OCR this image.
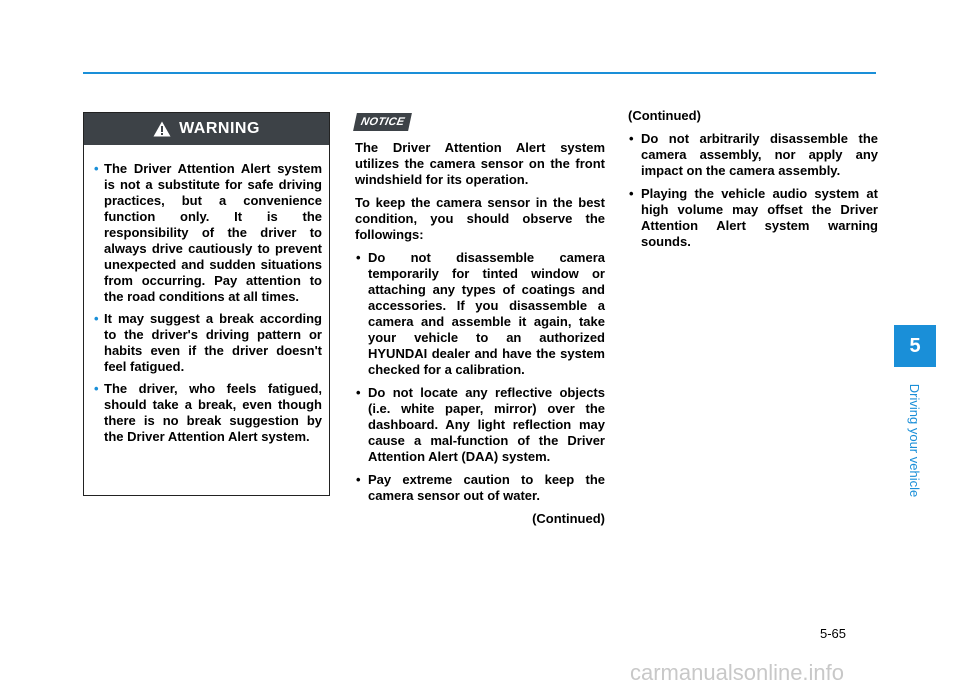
WARNING
• The Driver Attention Alert system is not a substitute for safe driving practices, but a convenience function only. It is the responsibility of the driver to always drive cautiously to prevent unexpected and sudden situations from occurring. Pay attention to the road conditions at all times.
• It may suggest a break according to the driver's driving pattern or habits even if the driver doesn't feel fatigued.
• The driver, who feels fatigued, should take a break, even though there is no break suggestion by the Driver Attention Alert system.
NOTICE

The Driver Attention Alert system utilizes the camera sensor on the front windshield for its operation.

To keep the camera sensor in the best condition, you should observe the followings:

• Do not disassemble camera temporarily for tinted window or attaching any types of coatings and accessories. If you disassemble a camera and assemble it again, take your vehicle to an authorized HYUNDAI dealer and have the system checked for a calibration.
• Do not locate any reflective objects (i.e. white paper, mirror) over the dashboard. Any light reflection may cause a mal-function of the Driver Attention Alert (DAA) system.
• Pay extreme caution to keep the camera sensor out of water.
(Continued)
(Continued)
• Do not arbitrarily disassemble the camera assembly, nor apply any impact on the camera assembly.
• Playing the vehicle audio system at high volume may offset the Driver Attention Alert system warning sounds.
5
Driving your vehicle
5-65
carmanualsonline.info
